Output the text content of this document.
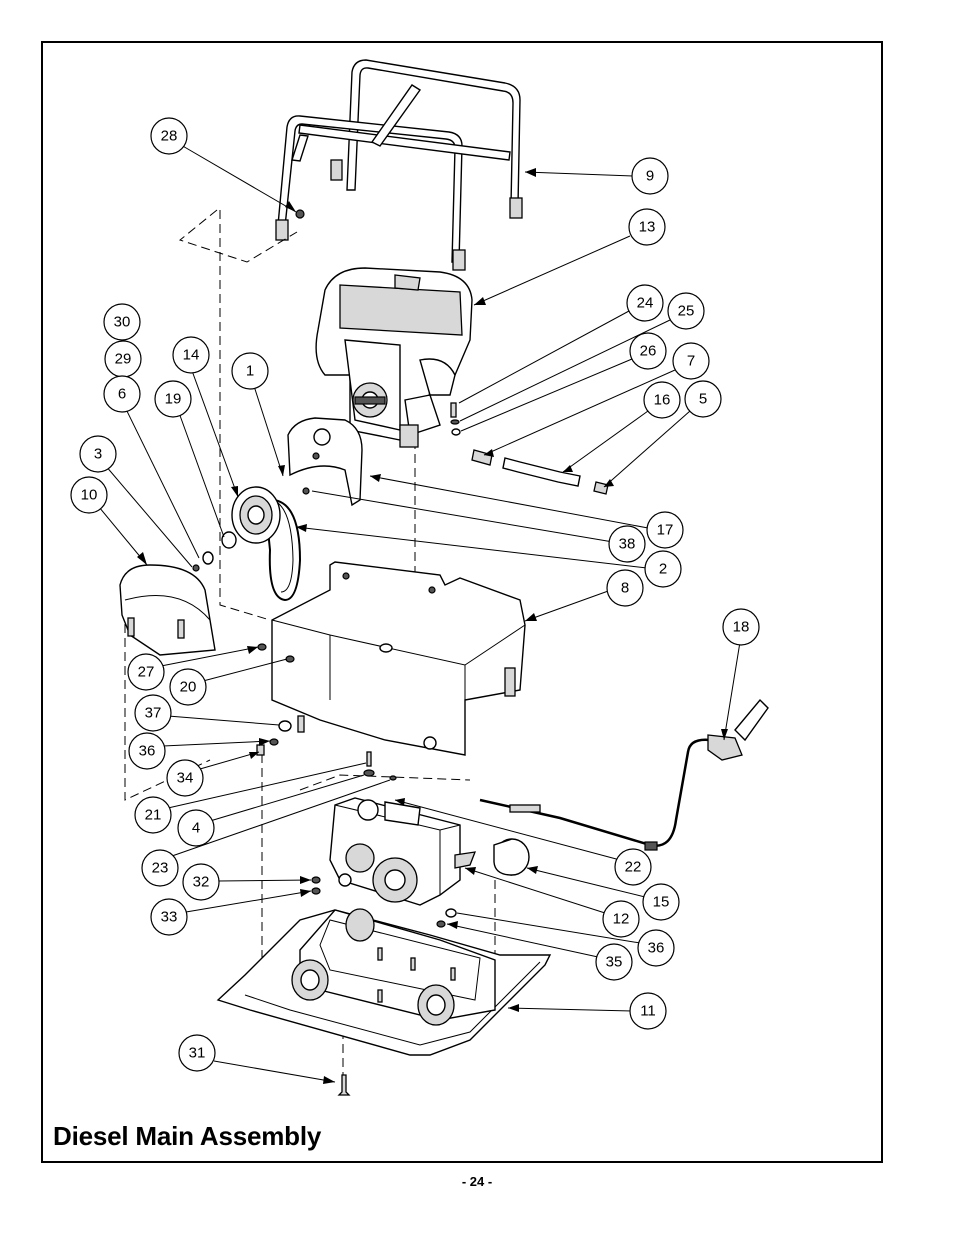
28
9
13
24 25
26
7
16 5
30
29	14
1
6	19
3
10
17
38
2
8
18
27
20
37
36
34
21
4
23	22
32
33
15
12
36
35
11
31
Diesel Main Assembly
- 24 -
